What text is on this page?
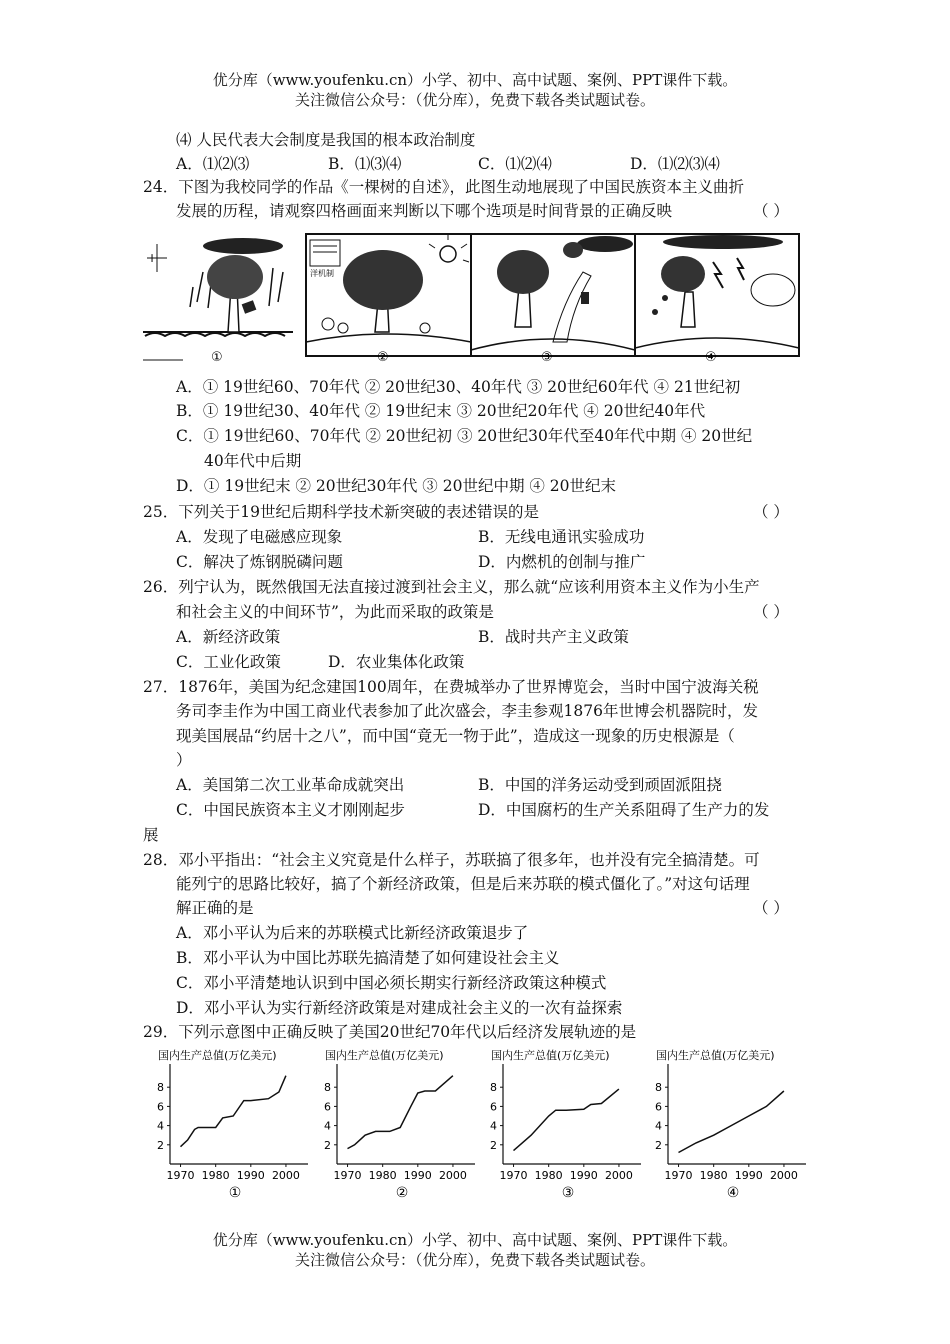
优分库（www.youfenku.cn）小学、初中、高中试题、案例、PPT课件下载。
关注微信公众号：（优分库），免费下载各类试题试卷。
⑷ 人民代表大会制度是我国的根本政治制度
A．⑴⑵⑶	B．⑴⑶⑷	C．⑴⑵⑷	D．⑴⑵⑶⑷
24．下图为我校同学的作品《一棵树的自述》，此图生动地展现了中国民族资本主义曲折
发展的历程，请观察四格画面来判断以下哪个选项是时间背景的正确反映	（ ）
+
①
洋机制
②	③	④
A．① 19世纪60、70年代 ② 20世纪30、40年代 ③ 20世纪60年代 ④ 21世纪初
B．① 19世纪30、40年代 ② 19世纪末 ③ 20世纪20年代 ④ 20世纪40年代
C．① 19世纪60、70年代 ② 20世纪初 ③ 20世纪30年代至40年代中期 ④ 20世纪
40年代中后期
D．① 19世纪末 ② 20世纪30年代 ③ 20世纪中期 ④ 20世纪末
25．下列关于19世纪后期科学技术新突破的表述错误的是	（ ）
A．发现了电磁感应现象	B．无线电通讯实验成功
C．解决了炼钢脱磷问题	D．内燃机的创制与推广
26．列宁认为，既然俄国无法直接过渡到社会主义，那么就“应该利用资本主义作为小生产
和社会主义的中间环节”，为此而采取的政策是	（ ）
A．新经济政策	B．战时共产主义政策
C．工业化政策	D．农业集体化政策
27．1876年，美国为纪念建国100周年，在费城举办了世界博览会，当时中国宁波海关税
务司李圭作为中国工商业代表参加了此次盛会，李圭参观1876年世博会机器院时，发
现美国展品“约居十之八”，而中国“竟无一物于此”，造成这一现象的历史根源是（
）
A．美国第二次工业革命成就突出	B．中国的洋务运动受到顽固派阻挠
C．中国民族资本主义才刚刚起步	D．中国腐朽的生产关系阻碍了生产力的发
展
28．邓小平指出：“社会主义究竟是什么样子，苏联搞了很多年，也并没有完全搞清楚。可
能列宁的思路比较好，搞了个新经济政策，但是后来苏联的模式僵化了。”对这句话理
解正确的是	（ ）
A．邓小平认为后来的苏联模式比新经济政策退步了
B．邓小平认为中国比苏联先搞清楚了如何建设社会主义
C．邓小平清楚地认识到中国必须长期实行新经济政策这种模式
D．邓小平认为实行新经济政策是对建成社会主义的一次有益探索
29．下列示意图中正确反映了美国20世纪70年代以后经济发展轨迹的是
国内生产总值(万亿美元)
2
4
6
8
1970 1980 1990 2000
①
国内生产总值(万亿美元)
2
4
6
8
1970 1980 1990 2000
②
国内生产总值(万亿美元)
2
4
6
8
1970 1980 1990 2000
③
国内生产总值(万亿美元)
2
4
6
8
1970 1980 1990 2000
④
优分库（www.youfenku.cn）小学、初中、高中试题、案例、PPT课件下载。
关注微信公众号：（优分库），免费下载各类试题试卷。
